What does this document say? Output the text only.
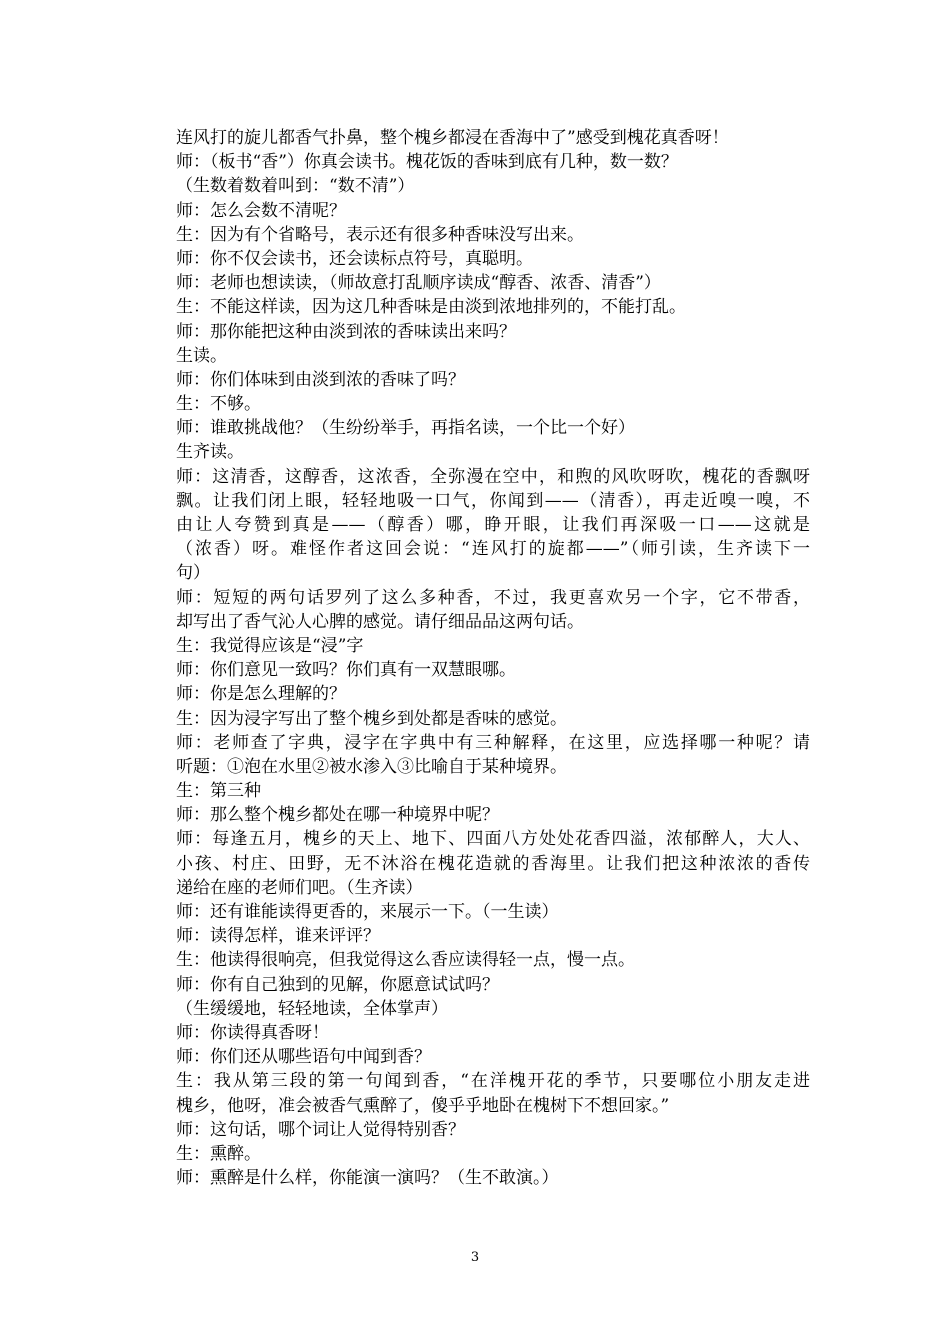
连风打的旋儿都香气扑鼻，整个槐乡都浸在香海中了”感受到槐花真香呀！
师：（板书“香”）你真会读书。槐花饭的香味到底有几种，数一数？
（生数着数着叫到：“数不清”）
师：怎么会数不清呢？
生：因为有个省略号，表示还有很多种香味没写出来。
师：你不仅会读书，还会读标点符号，真聪明。
师：老师也想读读，（师故意打乱顺序读成“醇香、浓香、清香”）
生：不能这样读，因为这几种香味是由淡到浓地排列的，不能打乱。
师：那你能把这种由淡到浓的香味读出来吗？
生读。
师：你们体味到由淡到浓的香味了吗？
生：不够。
师：谁敢挑战他？（生纷纷举手，再指名读，一个比一个好）
生齐读。
师：这清香，这醇香，这浓香，全弥漫在空中，和煦的风吹呀吹，槐花的香飘呀
飘。让我们闭上眼，轻轻地吸一口气，你闻到——（清香），再走近嗅一嗅，不
由让人夸赞到真是——（醇香）哪，睁开眼，让我们再深吸一口——这就是
（浓香）呀。难怪作者这回会说：“连风打的旋都——”（师引读，生齐读下一
句）
师：短短的两句话罗列了这么多种香，不过，我更喜欢另一个字，它不带香，
却写出了香气沁人心脾的感觉。请仔细品品这两句话。
生：我觉得应该是“浸”字
师：你们意见一致吗？你们真有一双慧眼哪。
师：你是怎么理解的？
生：因为浸字写出了整个槐乡到处都是香味的感觉。
师：老师查了字典，浸字在字典中有三种解释，在这里，应选择哪一种呢？请
听题：①泡在水里②被水渗入③比喻自于某种境界。
生：第三种
师：那么整个槐乡都处在哪一种境界中呢？
师：每逢五月，槐乡的天上、地下、四面八方处处花香四溢，浓郁醉人，大人、
小孩、村庄、田野，无不沐浴在槐花造就的香海里。让我们把这种浓浓的香传
递给在座的老师们吧。（生齐读）
师：还有谁能读得更香的，来展示一下。（一生读）
师：读得怎样，谁来评评？
生：他读得很响亮，但我觉得这么香应读得轻一点，慢一点。
师：你有自己独到的见解，你愿意试试吗？
（生缓缓地，轻轻地读，全体掌声）
师：你读得真香呀！
师：你们还从哪些语句中闻到香？
生：我从第三段的第一句闻到香，“在洋槐开花的季节，只要哪位小朋友走进
槐乡，他呀，准会被香气熏醉了，傻乎乎地卧在槐树下不想回家。”
师：这句话，哪个词让人觉得特别香？
生：熏醉。
师：熏醉是什么样，你能演一演吗？（生不敢演。）
3
